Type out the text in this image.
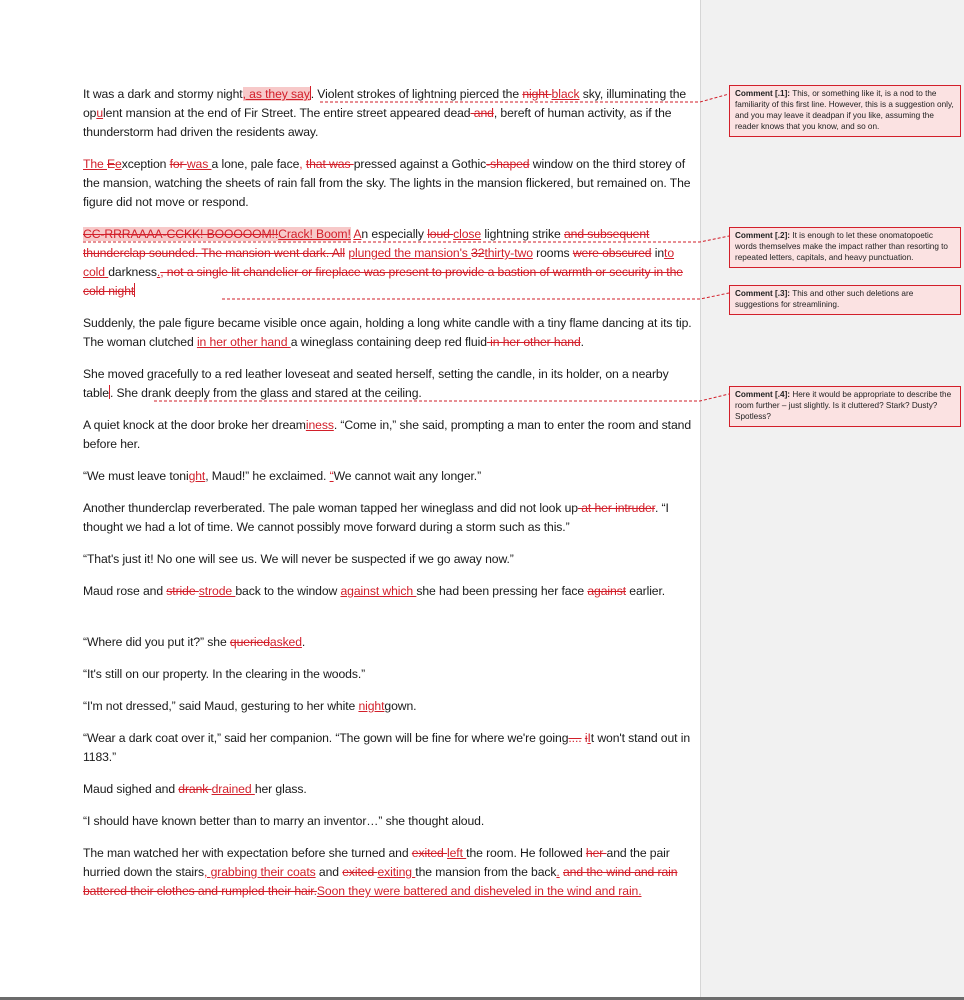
It was a dark and stormy night, as they say. Violent strokes of lightning pierced the night black sky, illuminating the opulent mansion at the end of Fir Street. The entire street appeared dead and, bereft of human activity, as if the thunderstorm had driven the residents away.

The Eexception for was a lone, pale face, that was pressed against a Gothic-shaped window on the third storey of the mansion, watching the sheets of rain fall from the sky. The lights in the mansion flickered, but remained on. The figure did not move or respond.

CC-RRRAAAA-CCKK! BOOOOOM!!Crack! Boom! An especially loud close lightning strike and subsequent thunderclap sounded. The mansion went dark. All plunged the mansion's 32thirty-two rooms were obscured into cold darkness., not a single lit chandelier or fireplace was present to provide a bastion of warmth or security in the cold night

Suddenly, the pale figure became visible once again, holding a long white candle with a tiny flame dancing at its tip. The woman clutched in her other hand a wineglass containing deep red fluid in her other hand.

She moved gracefully to a red leather loveseat and seated herself, setting the candle, in its holder, on a nearby table. She drank deeply from the glass and stared at the ceiling.

A quiet knock at the door broke her dreaminess. “Come in,” she said, prompting a man to enter the room and stand before her.

“We must leave tonight, Maud!” he exclaimed. “We cannot wait any longer.”

Another thunderclap reverberated. The pale woman tapped her wineglass and did not look up at her intruder. “I thought we had a lot of time. We cannot possibly move forward during a storm such as this.”

“That's just it! No one will see us. We will never be suspected if we go away now.”

Maud rose and stride strode back to the window against which she had been pressing her face against earlier.

“Where did you put it?” she queriedasked.

“It's still on our property. In the clearing in the woods.”

“I'm not dressed,” said Maud, gesturing to her white nightgown.

“Wear a dark coat over it,” said her companion. “The gown will be fine for where we're going.... iIt won't stand out in 1183.”

Maud sighed and drank drained her glass.

“I should have known better than to marry an inventor…” she thought aloud.

The man watched her with expectation before she turned and exited left the room. He followed her and the pair hurried down the stairs, grabbing their coats and exited exiting the mansion from the back. and the wind and rain battered their clothes and rumpled their hair.Soon they were battered and disheveled in the wind and rain.

Comment [.1]: This, or something like it, is a nod to the familiarity of this first line. However, this is a suggestion only, and you may leave it deadpan if you like, assuming the reader knows that you know, and so on.
Comment [.2]: It is enough to let these onomatopoetic words themselves make the impact rather than resorting to repeated letters, capitals, and heavy punctuation.
Comment [.3]: This and other such deletions are suggestions for streamlining.
Comment [.4]: Here it would be appropriate to describe the room further – just slightly. Is it cluttered? Stark? Dusty? Spotless?
